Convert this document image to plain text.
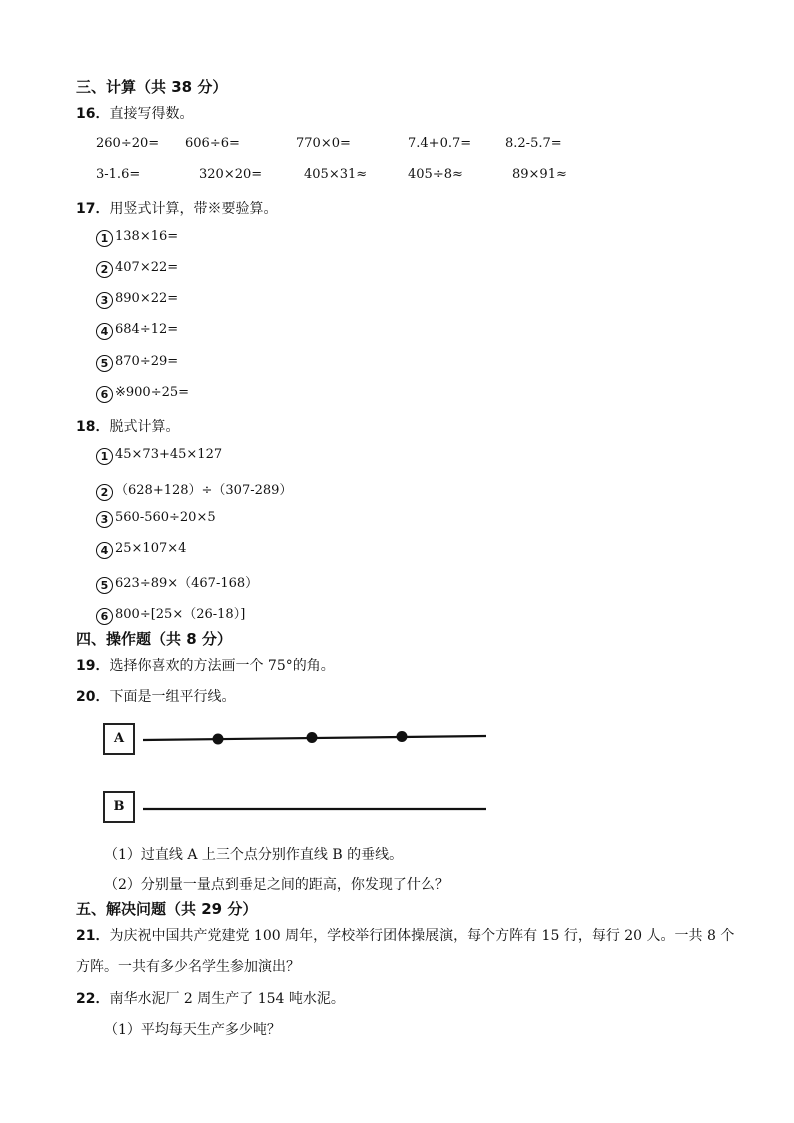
三、计算（共 38 分）
16．直接写得数。
260÷20= 606÷6=	770×0=	7.4+0.7=	8.2-5.7=
3-1.6=	320×20=	405×31≈	405÷8≈	89×91≈
17．用竖式计算，带※要验算。
1 138×16=
2 407×22=
3 890×22=
4 684÷12=
5 870÷29=
6 ※900÷25=
18．脱式计算。
1 45×73+45×127
2 （628+128）÷（307-289）
3 560-560÷20×5
4 25×107×4
5 623÷89×（467-168）
6 800÷[25×（26-18）]
四、操作题（共 8 分）
19．选择你喜欢的方法画一个 75°的角。
20．下面是一组平行线。
A
B
（1）过直线 A 上三个点分别作直线 B 的垂线。
（2）分别量一量点到垂足之间的距高，你发现了什么？
五、解决问题（共 29 分）
21．为庆祝中国共产党建党 100 周年，学校举行团体操展演，每个方阵有 15 行，每行 20 人。一共 8 个
方阵。一共有多少名学生参加演出？
22．南华水泥厂 2 周生产了 154 吨水泥。
（1）平均每天生产多少吨？
